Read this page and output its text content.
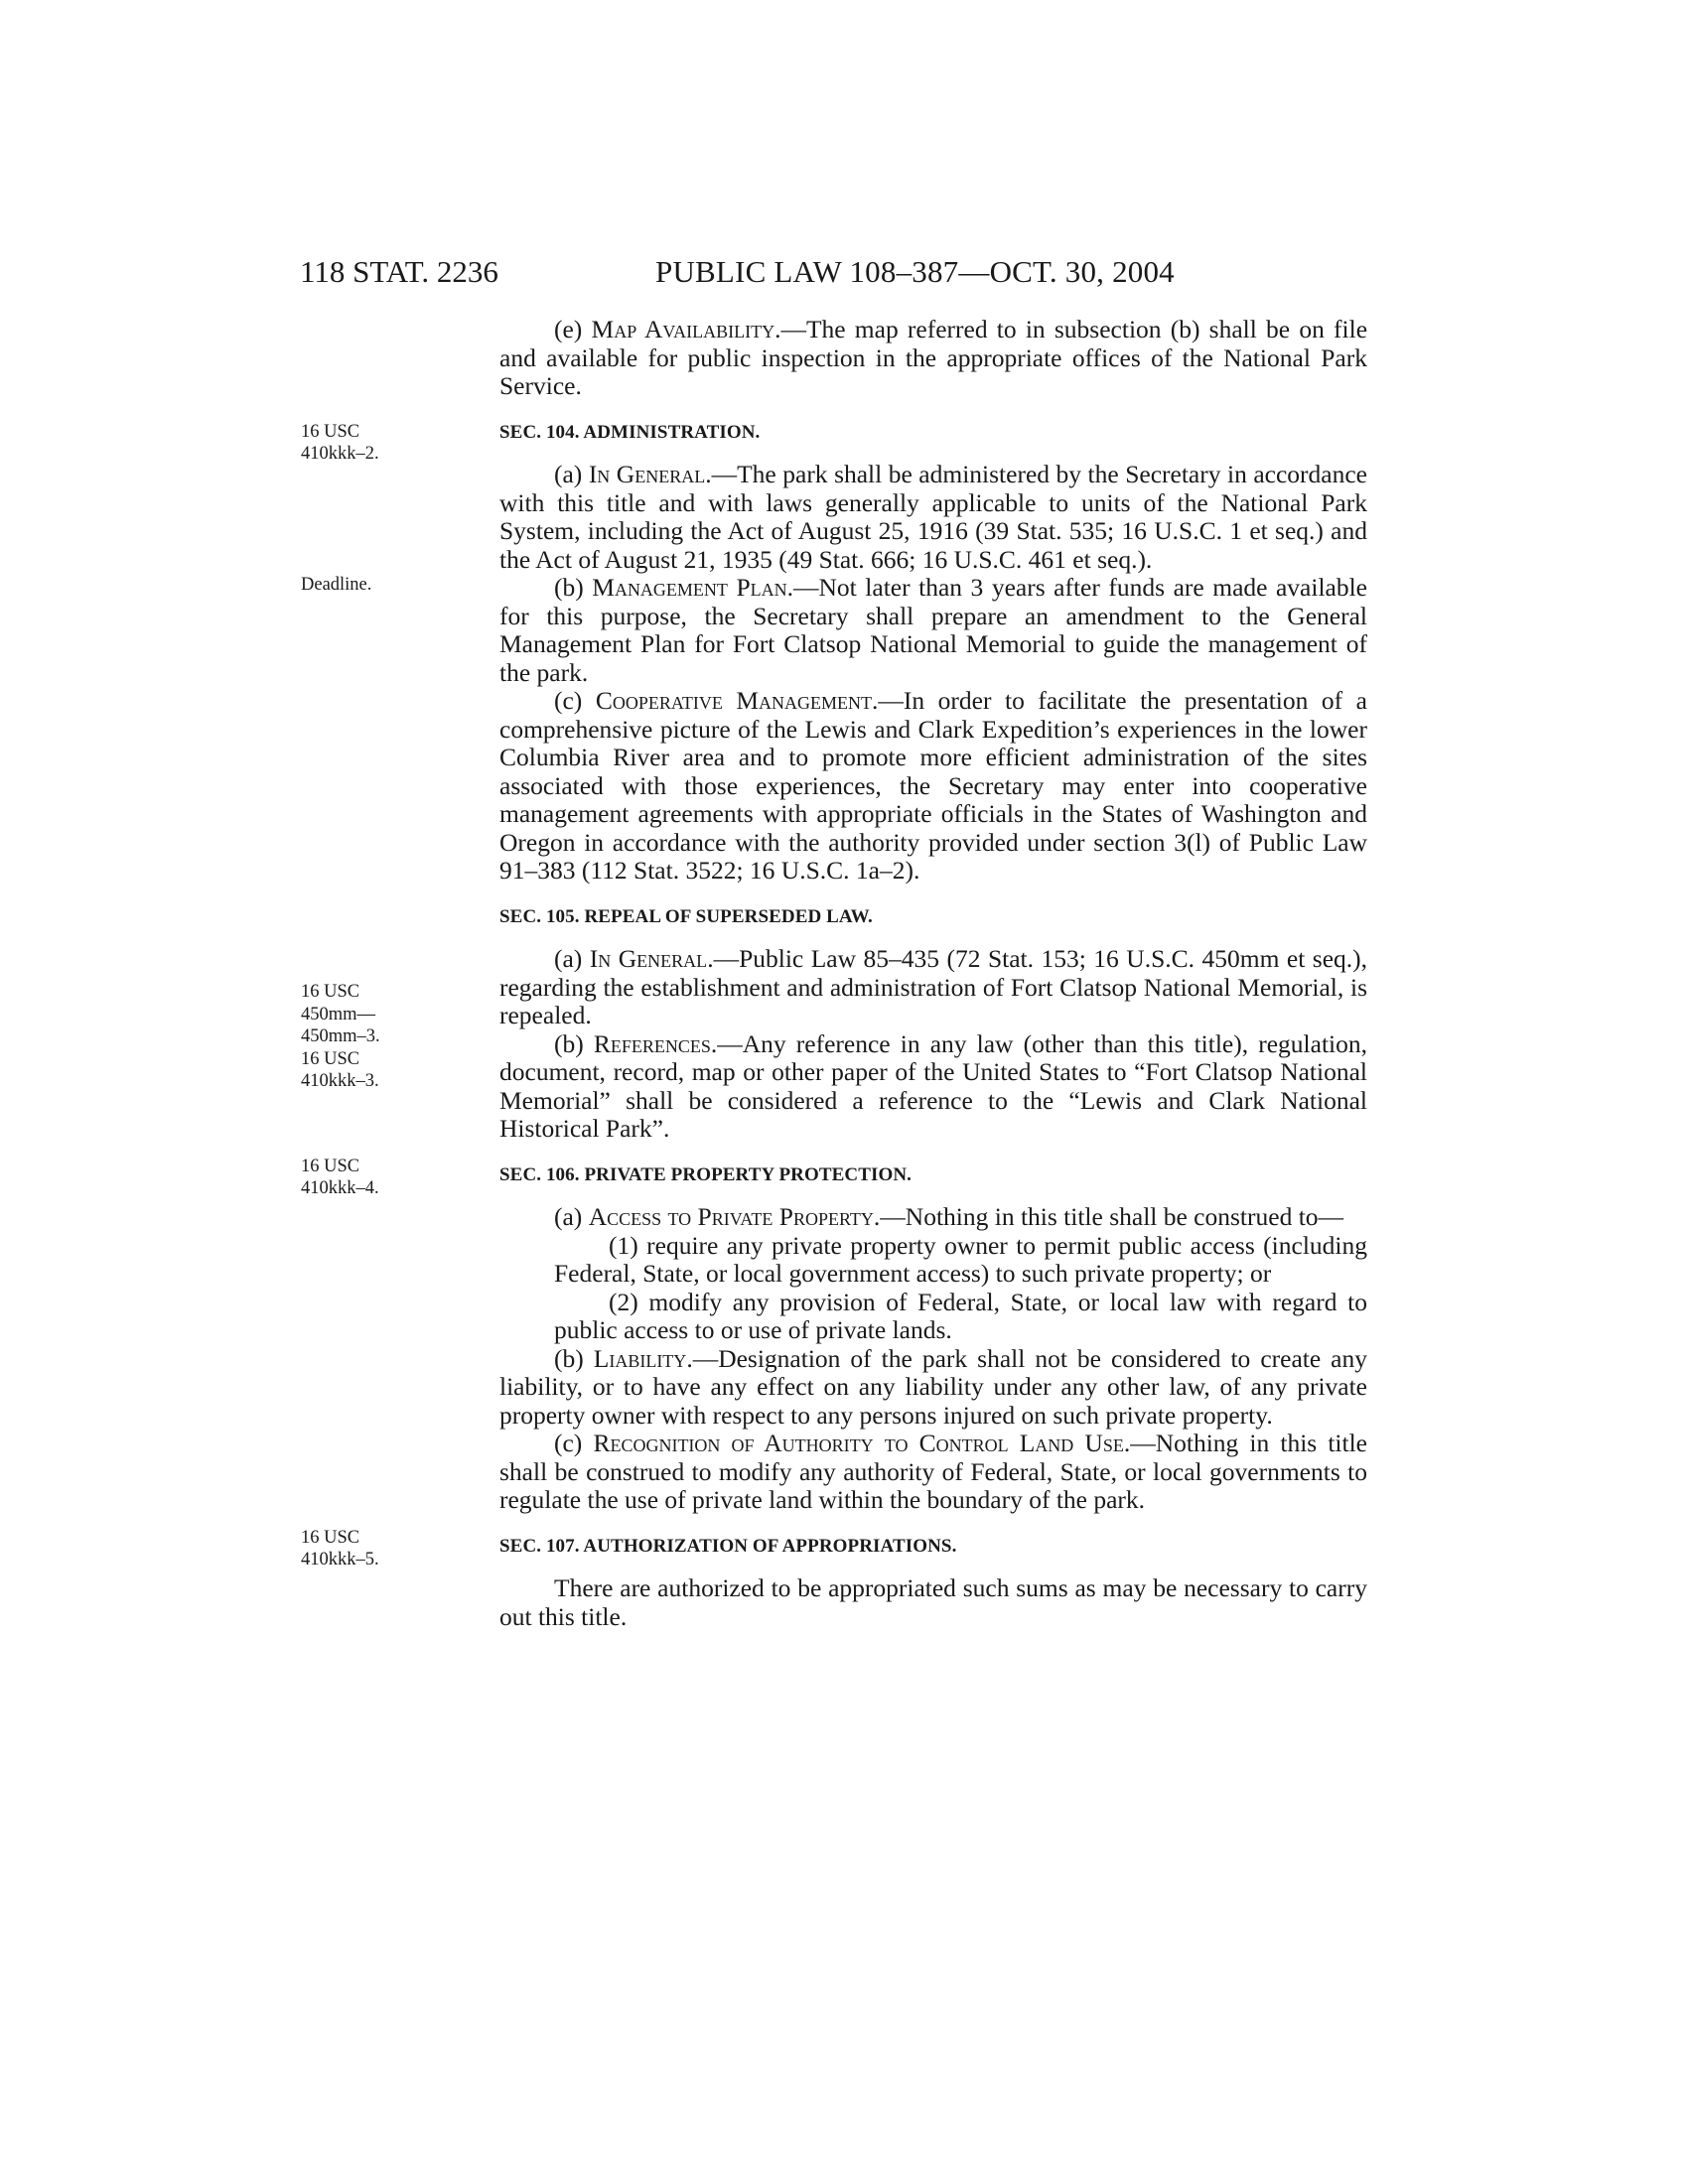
118 STAT. 2236	PUBLIC LAW 108–387—OCT. 30, 2004

(e) Map Availability.—The map referred to in subsection (b) shall be on file and available for public inspection in the appropriate offices of the National Park Service.

SEC. 104. ADMINISTRATION.
16 USC
410kkk–2.

(a) In General.—The park shall be administered by the Secretary in accordance with this title and with laws generally applicable to units of the National Park System, including the Act of August 25, 1916 (39 Stat. 535; 16 U.S.C. 1 et seq.) and the Act of August 21, 1935 (49 Stat. 666; 16 U.S.C. 461 et seq.).

Deadline.	(b) Management Plan.—Not later than 3 years after funds are made available for this purpose, the Secretary shall prepare an amendment to the General Management Plan for Fort Clatsop National Memorial to guide the management of the park.

(c) Cooperative Management.—In order to facilitate the presentation of a comprehensive picture of the Lewis and Clark Expedition’s experiences in the lower Columbia River area and to promote more efficient administration of the sites associated with those experiences, the Secretary may enter into cooperative management agreements with appropriate officials in the States of Washington and Oregon in accordance with the authority provided under section 3(l) of Public Law 91–383 (112 Stat. 3522; 16 U.S.C. 1a–2).

SEC. 105. REPEAL OF SUPERSEDED LAW.

16 USC
450mm—
450mm–3.
16 USC
410kkk–3.
(a) In General.—Public Law 85–435 (72 Stat. 153; 16 U.S.C. 450mm et seq.), regarding the establishment and administration of Fort Clatsop National Memorial, is repealed.

(b) References.—Any reference in any law (other than this title), regulation, document, record, map or other paper of the United States to “Fort Clatsop National Memorial” shall be considered a reference to the “Lewis and Clark National Historical Park”.

SEC. 106. PRIVATE PROPERTY PROTECTION.
16 USC
410kkk–4.

(a) Access to Private Property.—Nothing in this title shall be construed to—

(1) require any private property owner to permit public access (including Federal, State, or local government access) to such private property; or

(2) modify any provision of Federal, State, or local law with regard to public access to or use of private lands.

(b) Liability.—Designation of the park shall not be considered to create any liability, or to have any effect on any liability under any other law, of any private property owner with respect to any persons injured on such private property.

(c) Recognition of Authority to Control Land Use.—Nothing in this title shall be construed to modify any authority of Federal, State, or local governments to regulate the use of private land within the boundary of the park.

SEC. 107. AUTHORIZATION OF APPROPRIATIONS.
16 USC
410kkk–5.

There are authorized to be appropriated such sums as may be necessary to carry out this title.
